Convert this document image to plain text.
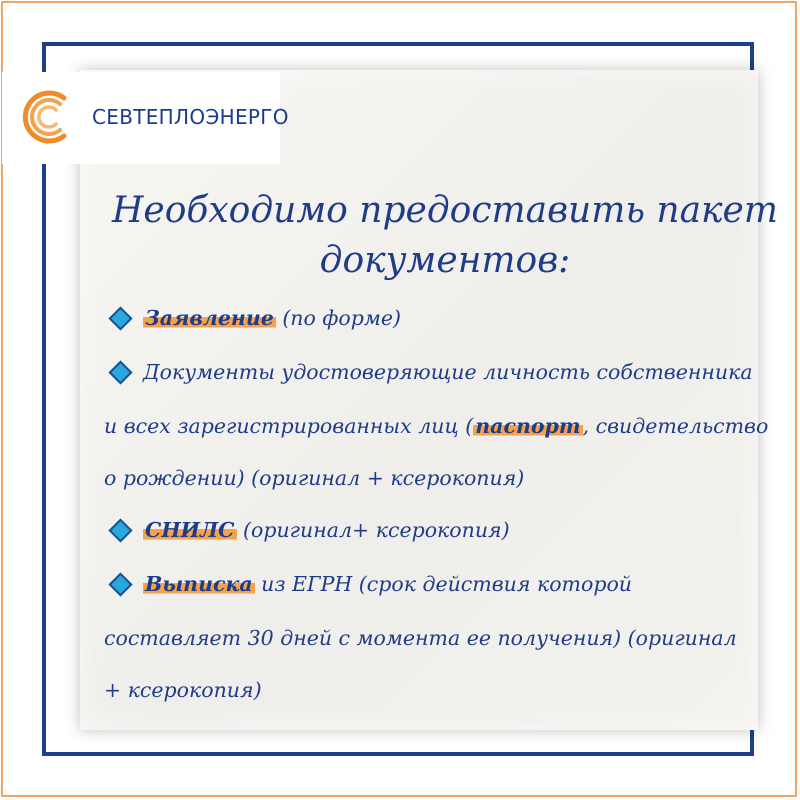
СЕВТЕПЛОЭНЕРГО
Необходимо предоставить пакет
документов:
Заявление (по форме)
Документы удостоверяющие личность собственника
и всех зарегистрированных лиц (паспорт, свидетельство
о рождении) (оригинал + ксерокопия)
СНИЛС (оригинал+ ксерокопия)
Выписка из ЕГРН (срок действия которой
составляет 30 дней с момента ее получения) (оригинал
+ ксерокопия)
